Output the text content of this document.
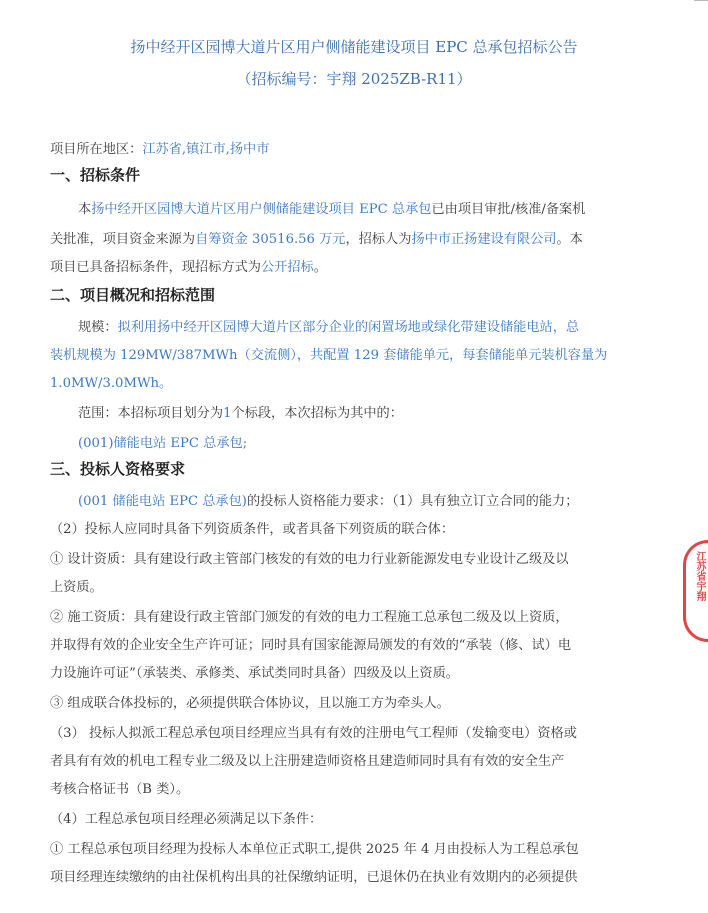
扬中经开区园博大道片区用户侧储能建设项目 EPC 总承包招标公告
（招标编号：宇翔 2025ZB-R11）
项目所在地区：江苏省,镇江市,扬中市
一、招标条件
本扬中经开区园博大道片区用户侧储能建设项目 EPC 总承包已由项目审批/核准/备案机
关批准，项目资金来源为自筹资金 30516.56 万元，招标人为扬中市正扬建设有限公司。本
项目已具备招标条件，现招标方式为公开招标。
二、项目概况和招标范围
规模：拟利用扬中经开区园博大道片区部分企业的闲置场地或绿化带建设储能电站，总
装机规模为 129MW/387MWh（交流侧），共配置 129 套储能单元，每套储能单元装机容量为
1.0MW/3.0MWh。
范围：本招标项目划分为1个标段，本次招标为其中的：
(001)储能电站 EPC 总承包;
三、投标人资格要求
(001 储能电站 EPC 总承包)的投标人资格能力要求：（1）具有独立订立合同的能力；
（2）投标人应同时具备下列资质条件，或者具备下列资质的联合体：
① 设计资质：具有建设行政主管部门核发的有效的电力行业新能源发电专业设计乙级及以
上资质。
② 施工资质：具有建设行政主管部门颁发的有效的电力工程施工总承包二级及以上资质，
并取得有效的企业安全生产许可证；同时具有国家能源局颁发的有效的“承装（修、试）电
力设施许可证”（承装类、承修类、承试类同时具备）四级及以上资质。
③ 组成联合体投标的，必须提供联合体协议，且以施工方为牵头人。
（3） 投标人拟派工程总承包项目经理应当具有有效的注册电气工程师（发输变电）资格或
者具有有效的机电工程专业二级及以上注册建造师资格且建造师同时具有有效的安全生产
考核合格证书（B 类）。
（4）工程总承包项目经理必须满足以下条件：
① 工程总承包项目经理为投标人本单位正式职工,提供 2025 年 4 月由投标人为工程总承包
项目经理连续缴纳的由社保机构出具的社保缴纳证明，已退休仍在执业有效期内的必须提供
江苏省宇翔
